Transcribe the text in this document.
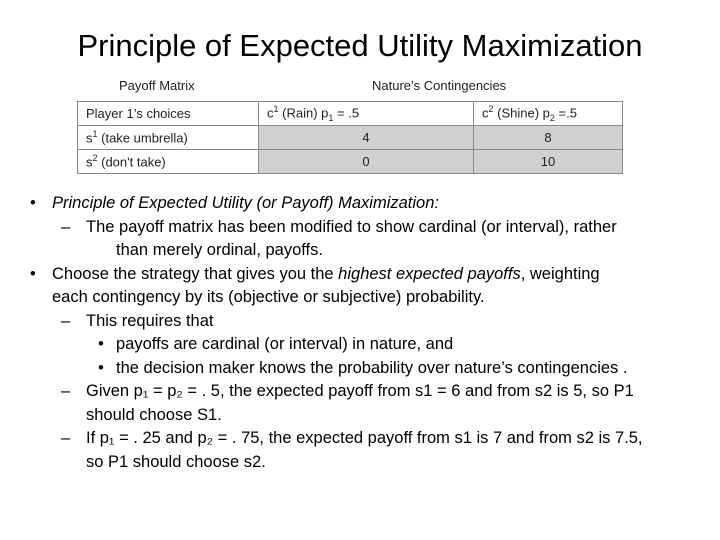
Principle of Expected Utility Maximization
Payoff Matrix	Nature’s Contingencies
Player 1’s choices	$c^1$ (Rain) $p_1 = .5$	$c^2$ (Shine) $p_2 =.5$
$s^1$ (take umbrella)	4	8
$s^2$ (don't take)	0	10
• Principle of Expected Utility (or Payoff) Maximization:
– The payoff matrix has been modified to show cardinal (or interval), rather
than merely ordinal, payoffs.
• Choose the strategy that gives you the highest expected payoffs, weighting
each contingency by its (objective or subjective) probability.
– This requires that
• payoffs are cardinal (or interval) in nature, and
• the decision maker knows the probability over nature’s contingencies .
– Given p₁ = p₂ = . 5, the expected payoff from s1 = 6 and from s2 is 5, so P1
should choose S1.
– If p₁ = . 25 and p₂ = . 75, the expected payoff from s1 is 7 and from s2 is 7.5,
so P1 should choose s2.
